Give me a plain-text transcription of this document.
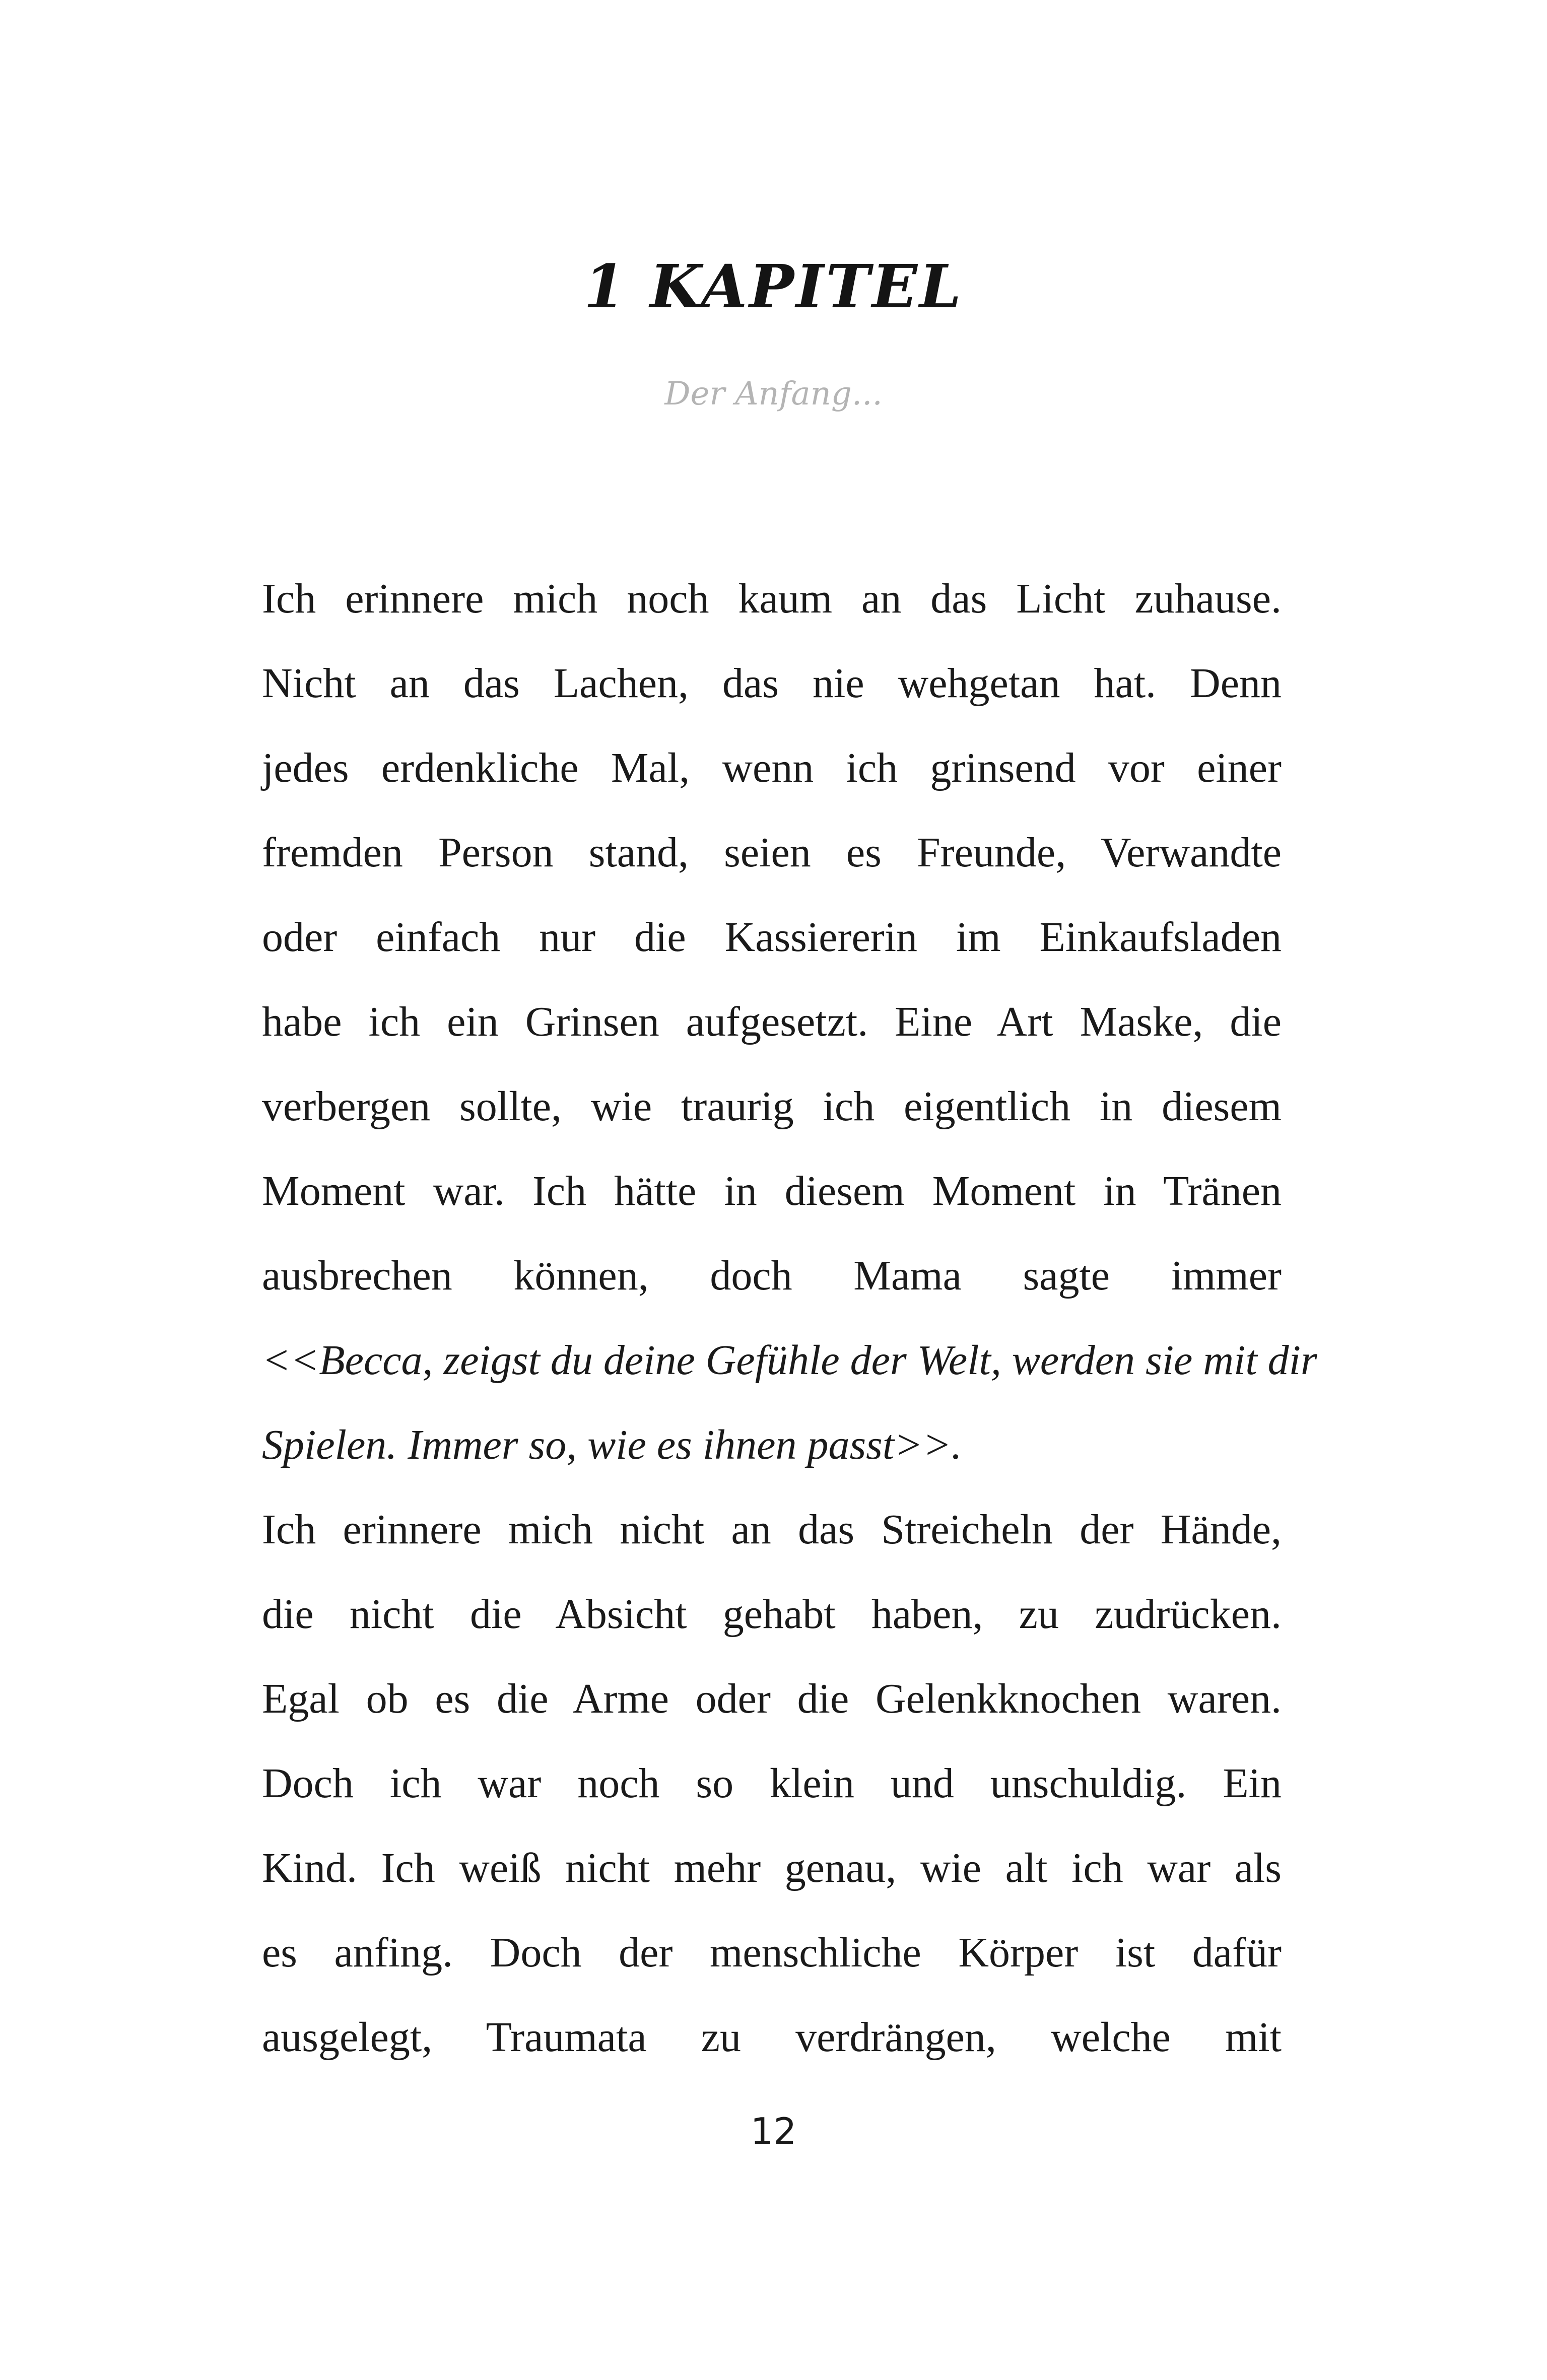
1 KAPITEL
Der Anfang...
Ich erinnere mich noch kaum an das Licht zuhause.
Nicht an das Lachen, das nie wehgetan hat. Denn
jedes erdenkliche Mal, wenn ich grinsend vor einer
fremden Person stand, seien es Freunde, Verwandte
oder einfach nur die Kassiererin im Einkaufsladen
habe ich ein Grinsen aufgesetzt. Eine Art Maske, die
verbergen sollte, wie traurig ich eigentlich in diesem
Moment war. Ich hätte in diesem Moment in Tränen
ausbrechen können, doch Mama sagte immer
<<Becca, zeigst du deine Gefühle der Welt, werden sie mit dir
Spielen. Immer so, wie es ihnen passt>>.
Ich erinnere mich nicht an das Streicheln der Hände,
die nicht die Absicht gehabt haben, zu zudrücken.
Egal ob es die Arme oder die Gelenkknochen waren.
Doch ich war noch so klein und unschuldig. Ein
Kind. Ich weiß nicht mehr genau, wie alt ich war als
es anfing. Doch der menschliche Körper ist dafür
ausgelegt, Traumata zu verdrängen, welche mit
12
